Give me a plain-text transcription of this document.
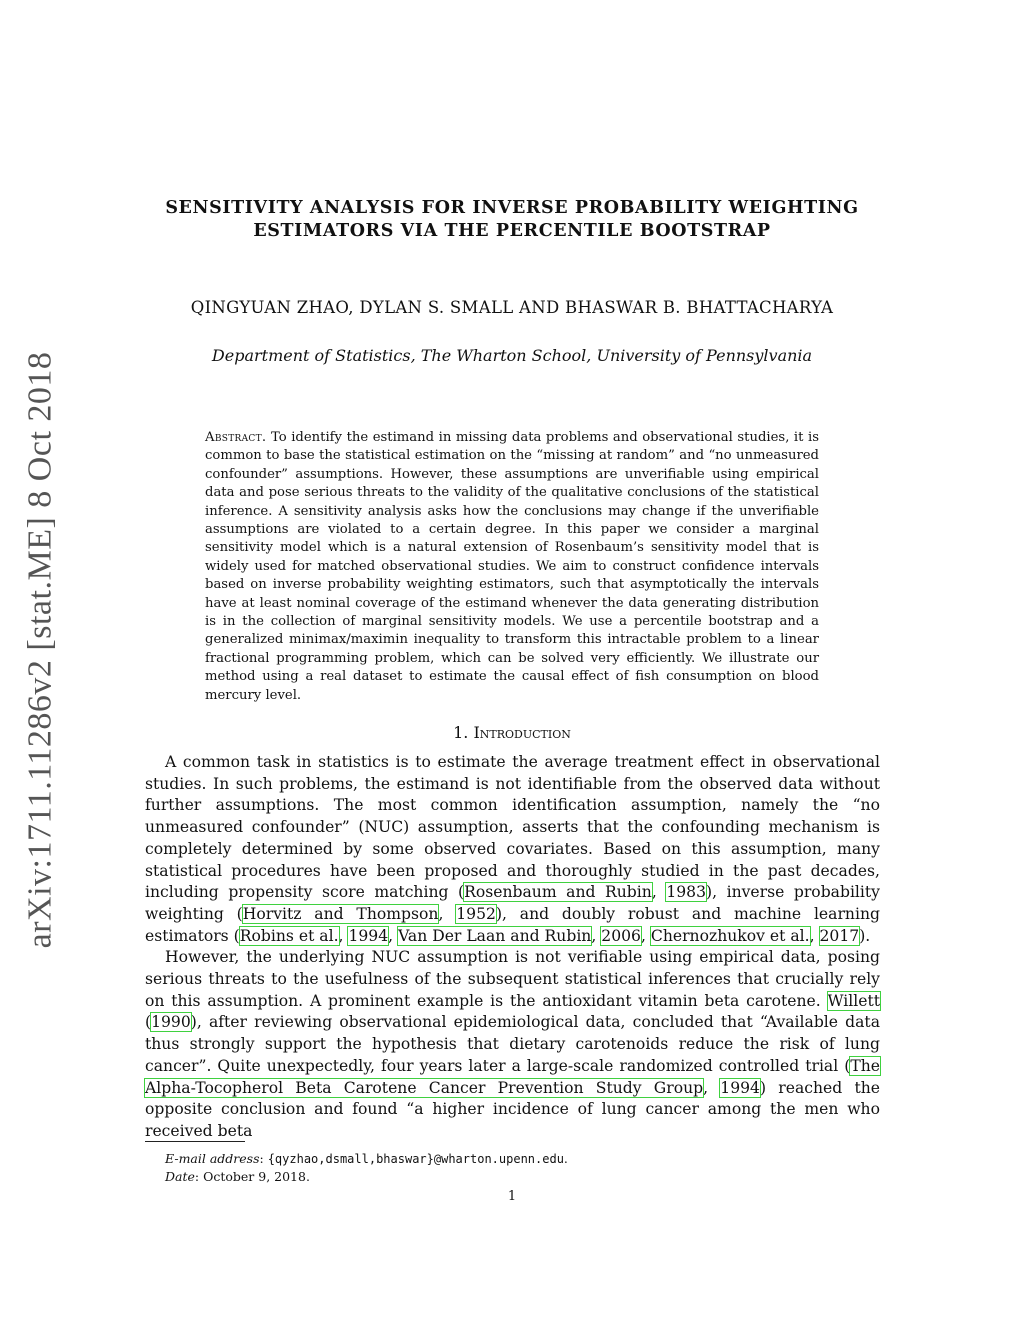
arXiv:1711.11286v2 [stat.ME] 8 Oct 2018
SENSITIVITY ANALYSIS FOR INVERSE PROBABILITY WEIGHTING
ESTIMATORS VIA THE PERCENTILE BOOTSTRAP
QINGYUAN ZHAO, DYLAN S. SMALL AND BHASWAR B. BHATTACHARYA
Department of Statistics, The Wharton School, University of Pennsylvania
Abstract. To identify the estimand in missing data problems and observational studies, it is common to base the statistical estimation on the “missing at random” and “no unmeasured confounder” assumptions. However, these assumptions are unverifiable using empirical data and pose serious threats to the validity of the qualitative conclusions of the statistical inference. A sensitivity analysis asks how the conclusions may change if the unverifiable assumptions are violated to a certain degree. In this paper we consider a marginal sensitivity model which is a natural extension of Rosenbaum’s sensitivity model that is widely used for matched observational studies. We aim to construct confidence intervals based on inverse probability weighting estimators, such that asymptotically the intervals have at least nominal coverage of the estimand whenever the data generating distribution is in the collection of marginal sensitivity models. We use a percentile bootstrap and a generalized minimax/maximin inequality to transform this intractable problem to a linear fractional programming problem, which can be solved very efficiently. We illustrate our method using a real dataset to estimate the causal effect of fish consumption on blood mercury level.
1. Introduction

A common task in statistics is to estimate the average treatment effect in observational studies. In such problems, the estimand is not identifiable from the observed data without further assumptions. The most common identification assumption, namely the “no unmeasured confounder” (NUC) assumption, asserts that the confounding mechanism is completely determined by some observed covariates. Based on this assumption, many statistical procedures have been proposed and thoroughly studied in the past decades, including propensity score matching (Rosenbaum and Rubin, 1983), inverse probability weighting (Horvitz and Thompson, 1952), and doubly robust and machine learning estimators (Robins et al., 1994, Van Der Laan and Rubin, 2006, Chernozhukov et al., 2017).

However, the underlying NUC assumption is not verifiable using empirical data, posing serious threats to the usefulness of the subsequent statistical inferences that crucially rely on this assumption. A prominent example is the antioxidant vitamin beta carotene. Willett (1990), after reviewing observational epidemiological data, concluded that “Available data thus strongly support the hypothesis that dietary carotenoids reduce the risk of lung cancer”. Quite unexpectedly, four years later a large-scale randomized controlled trial (The Alpha-Tocopherol Beta Carotene Cancer Prevention Study Group, 1994) reached the opposite conclusion and found “a higher incidence of lung cancer among the men who received beta

E-mail address: {qyzhao,dsmall,bhaswar}@wharton.upenn.edu.
Date: October 9, 2018.
1
